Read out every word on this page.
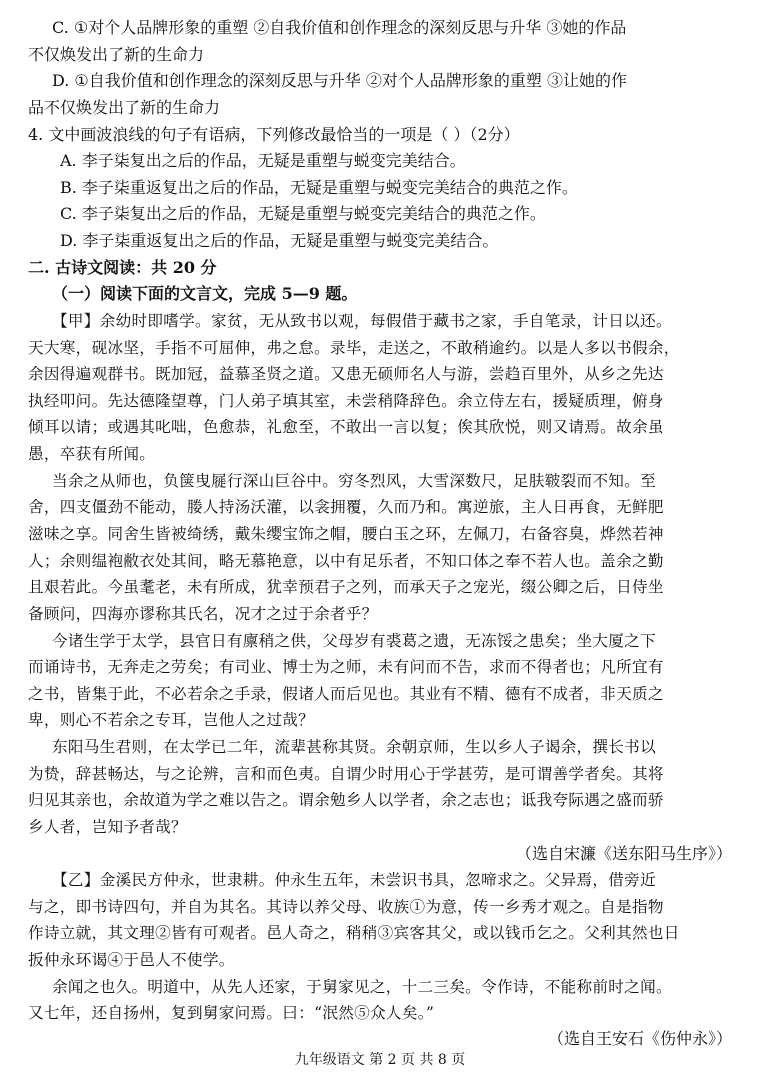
C. ①对个人品牌形象的重塑 ②自我价值和创作理念的深刻反思与升华 ③她的作品
不仅焕发出了新的生命力
D. ①自我价值和创作理念的深刻反思与升华 ②对个人品牌形象的重塑 ③让她的作
品不仅焕发出了新的生命力
4. 文中画波浪线的句子有语病，下列修改最恰当的一项是（ ）（2分）
A. 李子柒复出之后的作品，无疑是重塑与蜕变完美结合。
B. 李子柒重返复出之后的作品，无疑是重塑与蜕变完美结合的典范之作。
C. 李子柒复出之后的作品，无疑是重塑与蜕变完美结合的典范之作。
D. 李子柒重返复出之后的作品，无疑是重塑与蜕变完美结合。
二. 古诗文阅读：共 20 分
（一）阅读下面的文言文，完成 5—9 题。
【甲】余幼时即嗜学。家贫，无从致书以观，每假借于藏书之家，手自笔录，计日以还。
天大寒，砚冰坚，手指不可屈伸，弗之怠。录毕，走送之，不敢稍逾约。以是人多以书假余，
余因得遍观群书。既加冠，益慕圣贤之道。又患无硕师名人与游，尝趋百里外，从乡之先达
执经叩问。先达德隆望尊，门人弟子填其室，未尝稍降辞色。余立侍左右，援疑质理，俯身
倾耳以请；或遇其叱咄，色愈恭，礼愈至，不敢出一言以复；俟其欣悦，则又请焉。故余虽
愚，卒获有所闻。
当余之从师也，负箧曳屣行深山巨谷中。穷冬烈风，大雪深数尺，足肤皲裂而不知。至
舍，四支僵劲不能动，媵人持汤沃灌，以衾拥覆，久而乃和。寓逆旅，主人日再食，无鲜肥
滋味之享。同舍生皆被绮绣，戴朱缨宝饰之帽，腰白玉之环，左佩刀，右备容臭，烨然若神
人；余则缊袍敝衣处其间，略无慕艳意，以中有足乐者，不知口体之奉不若人也。盖余之勤
且艰若此。今虽耄老，未有所成，犹幸预君子之列，而承天子之宠光，缀公卿之后，日侍坐
备顾问，四海亦谬称其氏名，况才之过于余者乎？
今诸生学于太学，县官日有廪稍之供，父母岁有裘葛之遗，无冻馁之患矣；坐大厦之下
而诵诗书，无奔走之劳矣；有司业、博士为之师，未有问而不告，求而不得者也；凡所宜有
之书，皆集于此，不必若余之手录，假诸人而后见也。其业有不精、德有不成者，非天质之
卑，则心不若余之专耳，岂他人之过哉？
东阳马生君则，在太学已二年，流辈甚称其贤。余朝京师，生以乡人子谒余，撰长书以
为贽，辞甚畅达，与之论辨，言和而色夷。自谓少时用心于学甚劳，是可谓善学者矣。其将
归见其亲也，余故道为学之难以告之。谓余勉乡人以学者，余之志也；诋我夸际遇之盛而骄
乡人者，岂知予者哉？
（选自宋濂《送东阳马生序》）
【乙】金溪民方仲永，世隶耕。仲永生五年，未尝识书具，忽啼求之。父异焉，借旁近
与之，即书诗四句，并自为其名。其诗以养父母、收族①为意，传一乡秀才观之。自是指物
作诗立就，其文理②皆有可观者。邑人奇之，稍稍③宾客其父，或以钱币乞之。父利其然也日
扳仲永环谒④于邑人不使学。
余闻之也久。明道中，从先人还家，于舅家见之，十二三矣。令作诗，不能称前时之闻。
又七年，还自扬州，复到舅家问焉。曰：“泯然⑤众人矣。”
（选自王安石《伤仲永》）
九年级语文 第 2 页 共 8 页
